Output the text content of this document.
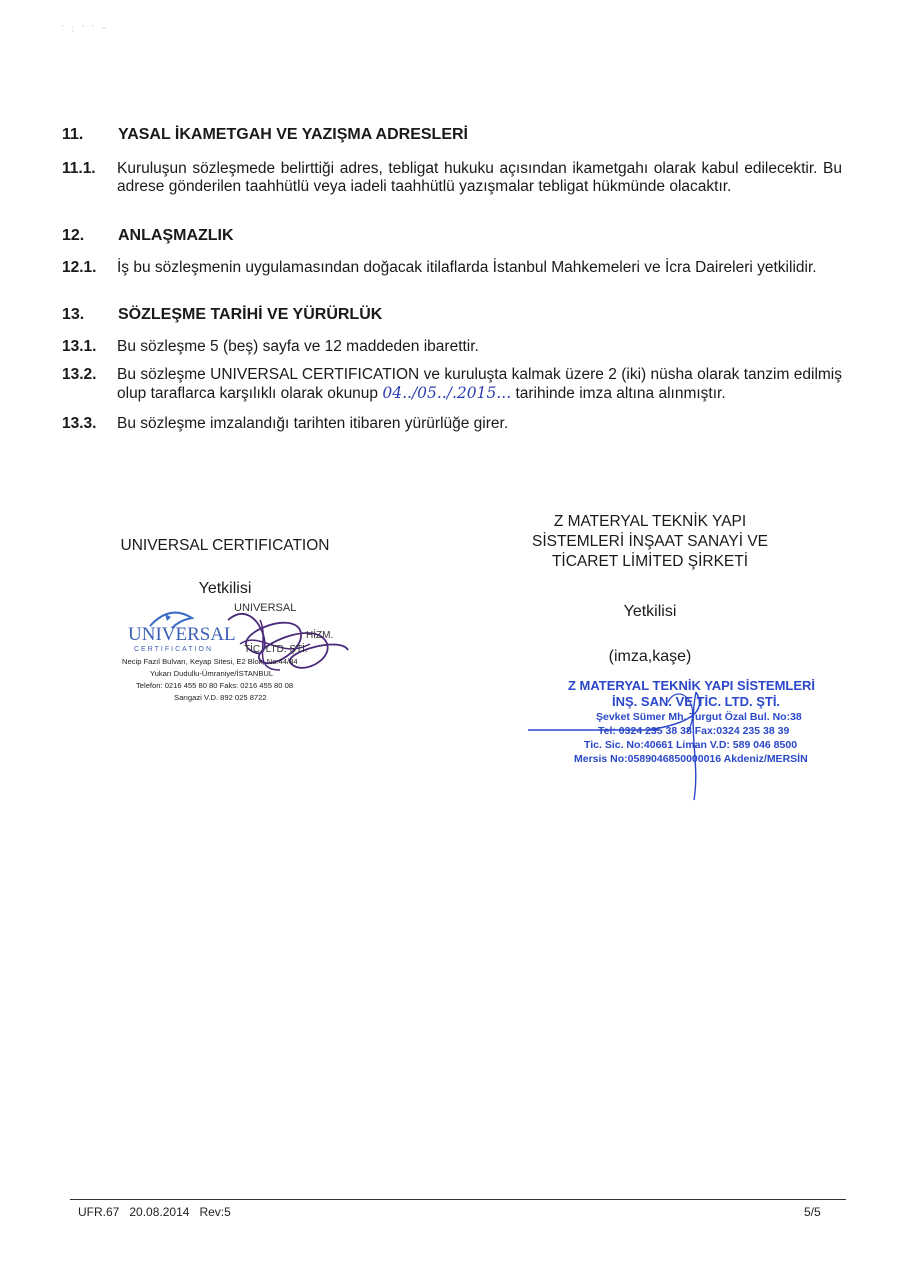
' ; ' ' ~
11. YASAL İKAMETGAH VE YAZIŞMA ADRESLERİ
11.1. Kuruluşun sözleşmede belirttiği adres, tebligat hukuku açısından ikametgahı olarak kabul edilecektir. Bu adrese gönderilen taahhütlü veya iadeli taahhütlü yazışmalar tebligat hükmünde olacaktır.
12. ANLAŞMAZLIK
12.1. İş bu sözleşmenin uygulamasından doğacak itilaflarda İstanbul Mahkemeleri ve İcra Daireleri yetkilidir.
13. SÖZLEŞME TARİHİ VE YÜRÜRLÜK
13.1. Bu sözleşme 5 (beş) sayfa ve 12 maddeden ibarettir.
13.2. Bu sözleşme UNIVERSAL CERTIFICATION ve kuruluşta kalmak üzere 2 (iki) nüsha olarak tanzim edilmiş olup taraflarca karşılıklı olarak okunup 04../05../.2015... tarihinde imza altına alınmıştır.
13.3. Bu sözleşme imzalandığı tarihten itibaren yürürlüğe girer.
UNIVERSAL CERTIFICATION
Yetkilisi
UNIVERSAL
CERTIFICATION
UNIVERSAL
HİZM.
TİC. LTD. ŞTİ.
Necip Fazıl Bulvarı, Keyap Sitesi, E2 Blok, No:44/84
Yukarı Dudullu-Ümraniye/İSTANBUL
Telefon: 0216 455 80 80 Faks: 0216 455 80 08
Sarıgazi V.D. 892 025 8722
Z MATERYAL TEKNİK YAPI
SİSTEMLERİ İNŞAAT SANAYİ VE
TİCARET LİMİTED ŞİRKETİ
Yetkilisi
(imza,kaşe)
Z MATERYAL TEKNİK YAPI SİSTEMLERİ
İNŞ. SAN. VE TİC. LTD. ŞTİ.
Şevket Sümer Mh. Turgut Özal Bul. No:38
Tel: 0324 235 38 38 Fax:0324 235 38 39
Tic. Sic. No:40661 Liman V.D: 589 046 8500
Mersis No:0589046850000016 Akdeniz/MERSİN
UFR.67 20.08.2014 Rev:5	5/5
